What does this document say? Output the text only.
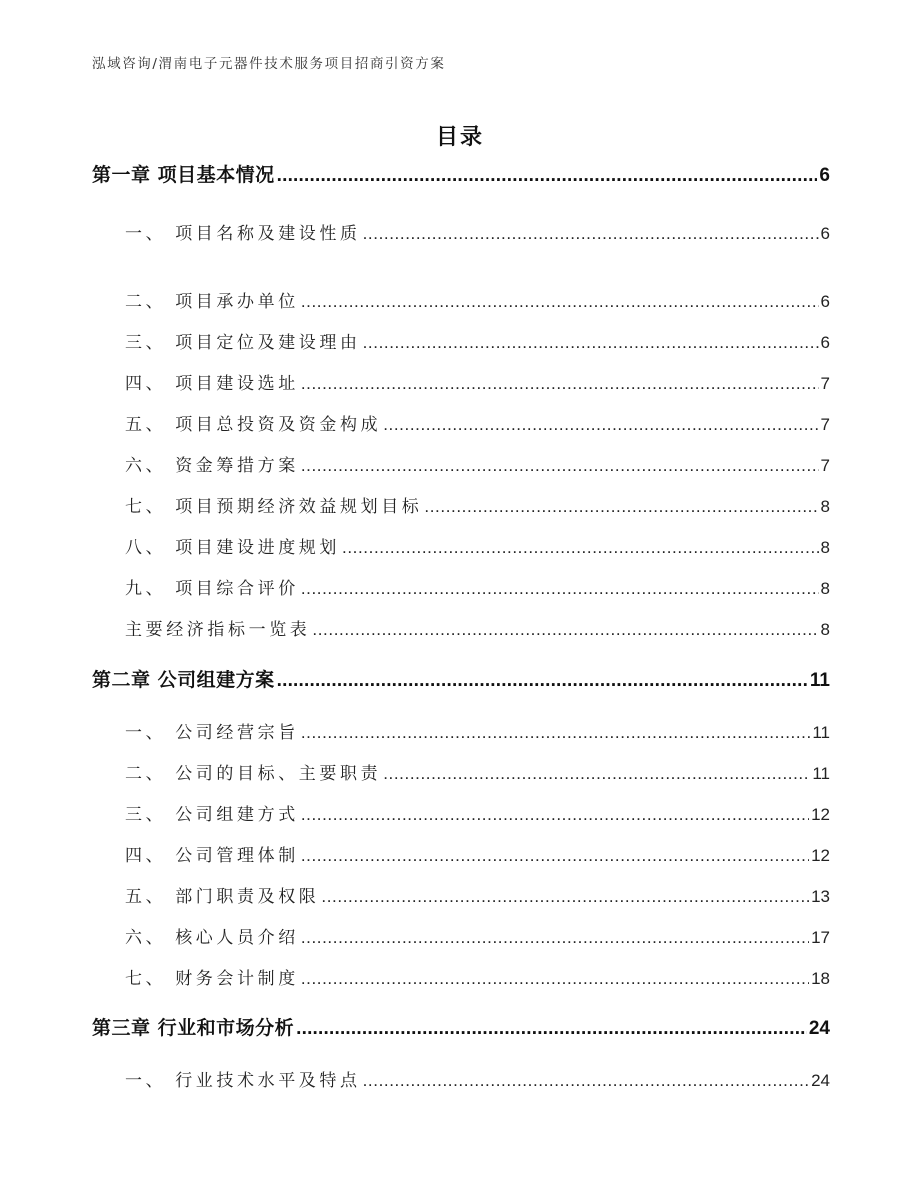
泓域咨询/渭南电子元器件技术服务项目招商引资方案
目录
第一章 项目基本情况 .....	6
一、 项目名称及建设性质 .....	6
二、 项目承办单位 .....	6
三、 项目定位及建设理由 .....	6
四、 项目建设选址 .....	7
五、 项目总投资及资金构成 .....	7
六、 资金筹措方案 .....	7
七、 项目预期经济效益规划目标 .....	8
八、 项目建设进度规划 .....	8
九、 项目综合评价 .....	8
主要经济指标一览表 .....	8
第二章 公司组建方案 .....	11
一、 公司经营宗旨 .....	11
二、 公司的目标、主要职责 .....	11
三、 公司组建方式 .....	12
四、 公司管理体制 .....	12
五、 部门职责及权限 .....	13
六、 核心人员介绍 .....	17
七、 财务会计制度 .....	18
第三章 行业和市场分析 .....	24
一、 行业技术水平及特点 .....	24
